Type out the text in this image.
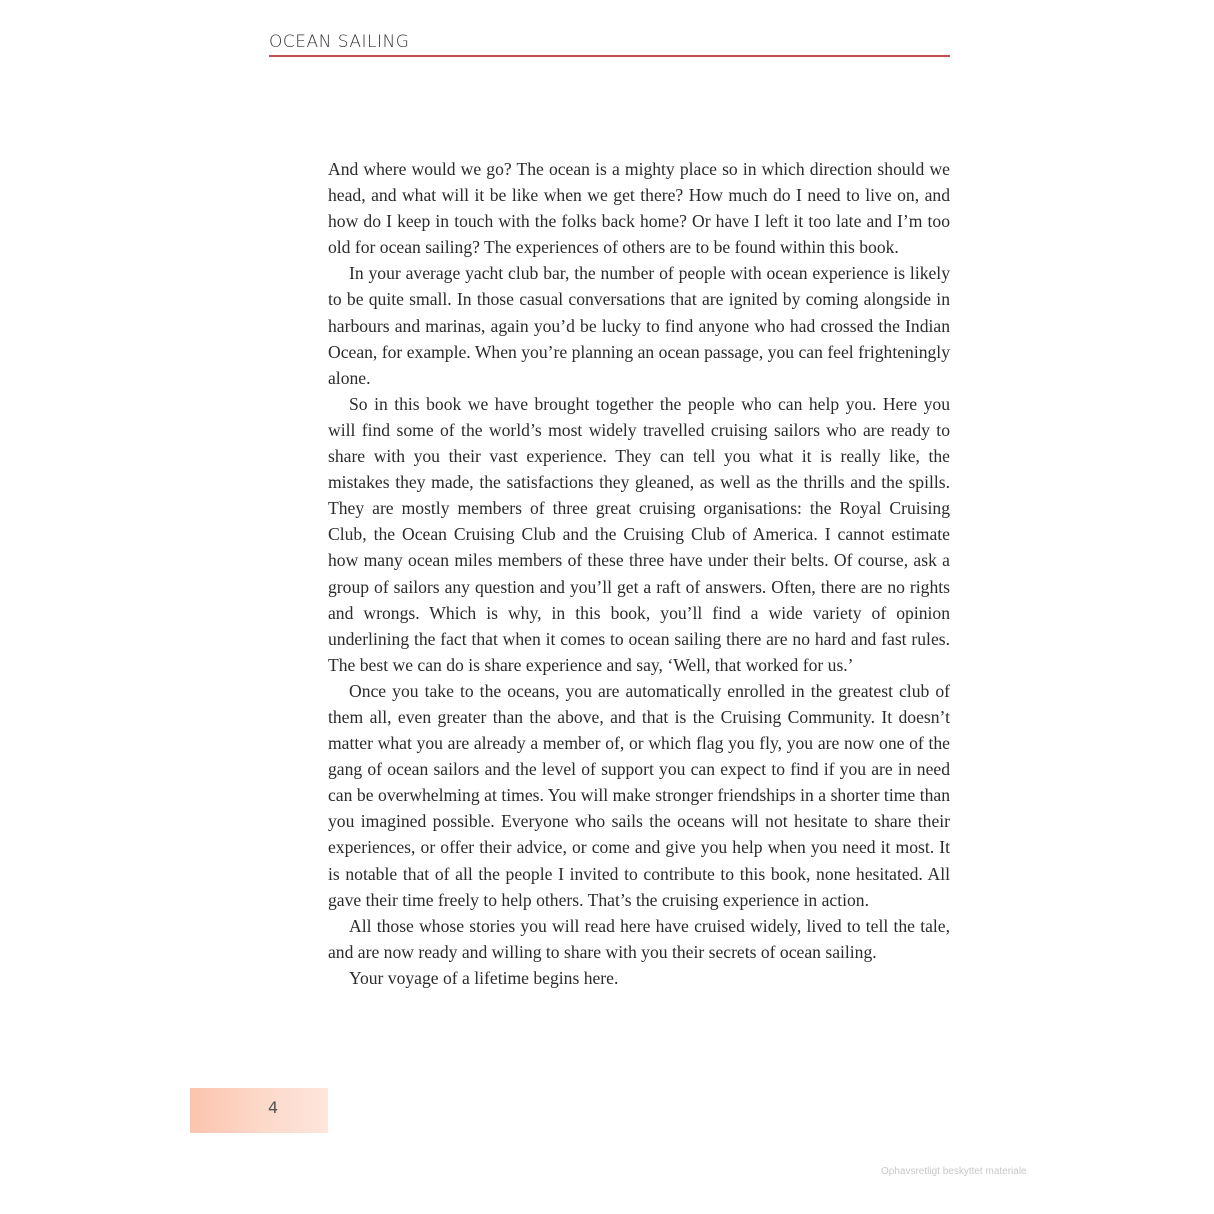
OCEAN SAILING

And where would we go? The ocean is a mighty place so in which direction should we head, and what will it be like when we get there? How much do I need to live on, and how do I keep in touch with the folks back home? Or have I left it too late and I’m too old for ocean sailing? The experiences of others are to be found within this book.

In your average yacht club bar, the number of people with ocean experience is likely to be quite small. In those casual conversations that are ignited by coming alongside in harbours and marinas, again you’d be lucky to find anyone who had crossed the Indian Ocean, for example. When you’re planning an ocean passage, you can feel frighteningly alone.

So in this book we have brought together the people who can help you. Here you will find some of the world’s most widely travelled cruising sailors who are ready to share with you their vast experience. They can tell you what it is really like, the mistakes they made, the satisfactions they gleaned, as well as the thrills and the spills. They are mostly members of three great cruising organisations: the Royal Cruising Club, the Ocean Cruising Club and the Cruising Club of America. I cannot estimate how many ocean miles members of these three have under their belts. Of course, ask a group of sailors any question and you’ll get a raft of answers. Often, there are no rights and wrongs. Which is why, in this book, you’ll find a wide variety of opinion underlining the fact that when it comes to ocean sailing there are no hard and fast rules. The best we can do is share experience and say, ‘Well, that worked for us.’

Once you take to the oceans, you are automatically enrolled in the greatest club of them all, even greater than the above, and that is the Cruising Community. It doesn’t matter what you are already a member of, or which flag you fly, you are now one of the gang of ocean sailors and the level of support you can expect to find if you are in need can be overwhelming at times. You will make stronger friendships in a shorter time than you imagined possible. Everyone who sails the oceans will not hesitate to share their experiences, or offer their advice, or come and give you help when you need it most. It is notable that of all the people I invited to contribute to this book, none hesitated. All gave their time freely to help others. That’s the cruising experience in action.

All those whose stories you will read here have cruised widely, lived to tell the tale, and are now ready and willing to share with you their secrets of ocean sailing.

Your voyage of a lifetime begins here.

4
Ophavsretligt beskyttet materiale
